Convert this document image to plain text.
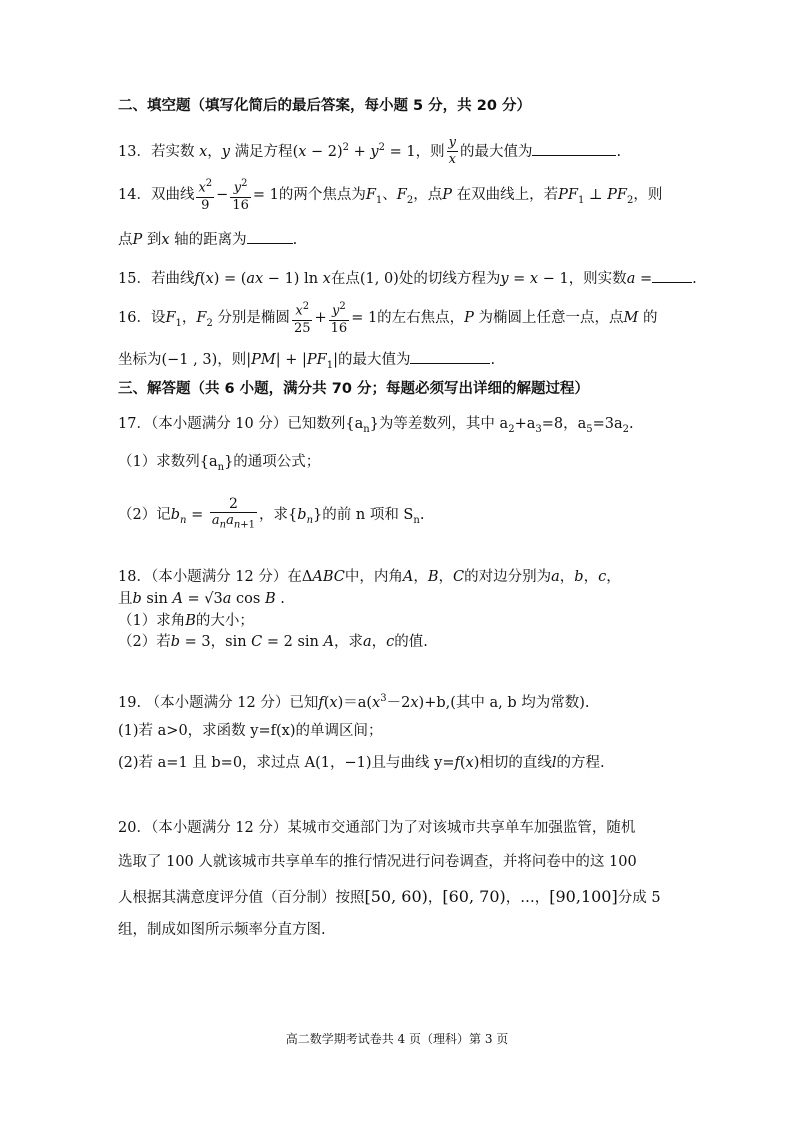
二、填空题（填写化简后的最后答案，每小题 5 分，共 20 分）
13．若实数 x，y 满足方程$(x - 2)^2 + y^2 = 1$，则 $\frac{y}{x}$ 的最大值为	.
14．双曲线 $\frac{x^2}{9} - \frac{y^2}{16} = 1$的两个焦点为$F_1$、$F_2$，点P 在双曲线上，若$PF_1$ ⊥ $PF_2$，则
点P 到x 轴的距离为	.
15．若曲线f(x) = (ax − 1) ln x在点(1, 0)处的切线方程为y = x − 1，则实数a =	.
16．设$F_1$，$F_2$ 分别是椭圆 $\frac{x^2}{25} + \frac{y^2}{16} = 1$的左右焦点，P 为椭圆上任意一点，点M 的
坐标为(−1 , 3)，则$|PM| + |PF_1|$的最大值为	.
三、解答题（共 6 小题，满分共 70 分；每题必须写出详细的解题过程）
17．（本小题满分 10 分）已知数列$\{a_n\}$为等差数列，其中 $a_2+a_3=8$，$a_5=3a_2$.
（1）求数列$\{a_n\}$的通项公式；
（2）记$b_n = \frac{2}{a_na_{n+1}}$ ，求$\{b_n\}$的前 n 项和 $S_n$.
18．（本小题满分 12 分）在ΔABC中，内角A，B，C的对边分别为a，b，c，
且b sin A = √3a cos B .
（1）求角B的大小；
（2）若b = 3，sin C = 2 sin A，求a，c的值.
19. （本小题满分 12 分）已知$f(x)=a(x^3-2x)+b$,(其中 a, b 均为常数).
(1)若 a>0，求函数 y=f(x)的单调区间；
(2)若 a=1 且 b=0，求过点 A(1，−1)且与曲线 y=f(x)相切的直线l的方程.
20．（本小题满分 12 分）某城市交通部门为了对该城市共享单车加强监管，随机
选取了 100 人就该城市共享单车的推行情况进行问卷调查，并将问卷中的这 100
人根据其满意度评分值（百分制）按照[50, 60)，[60, 70)，…，[90,100]分成 5
组，制成如图所示频率分直方图.
高二数学期考试卷共 4 页（理科）第 3 页
